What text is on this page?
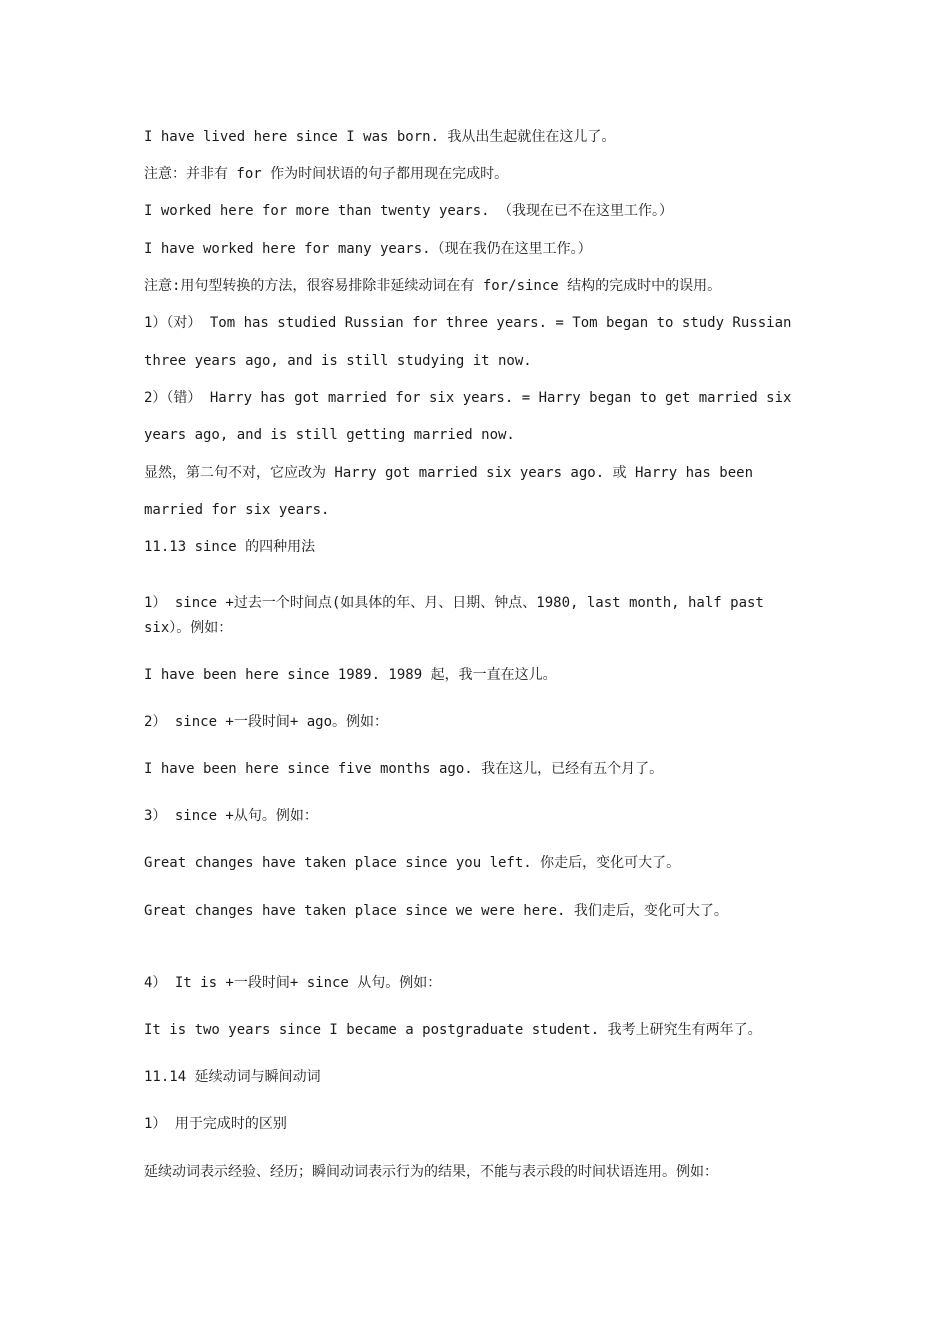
I have lived here since I was born. 我从出生起就住在这儿了。
注意：并非有 for 作为时间状语的句子都用现在完成时。
I worked here for more than twenty years. （我现在已不在这里工作。）
I have worked here for many years.（现在我仍在这里工作。）
注意:用句型转换的方法，很容易排除非延续动词在有 for/since 结构的完成时中的误用。
1）（对） Tom has studied Russian for three years. = Tom began to study Russian
three years ago, and is still studying it now.
2）（错） Harry has got married for six years. = Harry began to get married six
years ago, and is still getting married now.
显然，第二句不对，它应改为 Harry got married six years ago. 或 Harry has been
married for six years.
11.13 since 的四种用法
1） since +过去一个时间点(如具体的年、月、日期、钟点、1980, last month, half past
six）。例如：
I have been here since 1989. 1989 起，我一直在这儿。
2） since +一段时间+ ago。例如：
I have been here since five months ago. 我在这儿，已经有五个月了。
3） since +从句。例如：
Great changes have taken place since you left. 你走后，变化可大了。
Great changes have taken place since we were here. 我们走后，变化可大了。
4） It is +一段时间+ since 从句。例如：
It is two years since I became a postgraduate student. 我考上研究生有两年了。
11.14 延续动词与瞬间动词
1） 用于完成时的区别
延续动词表示经验、经历；瞬间动词表示行为的结果，不能与表示段的时间状语连用。例如：
